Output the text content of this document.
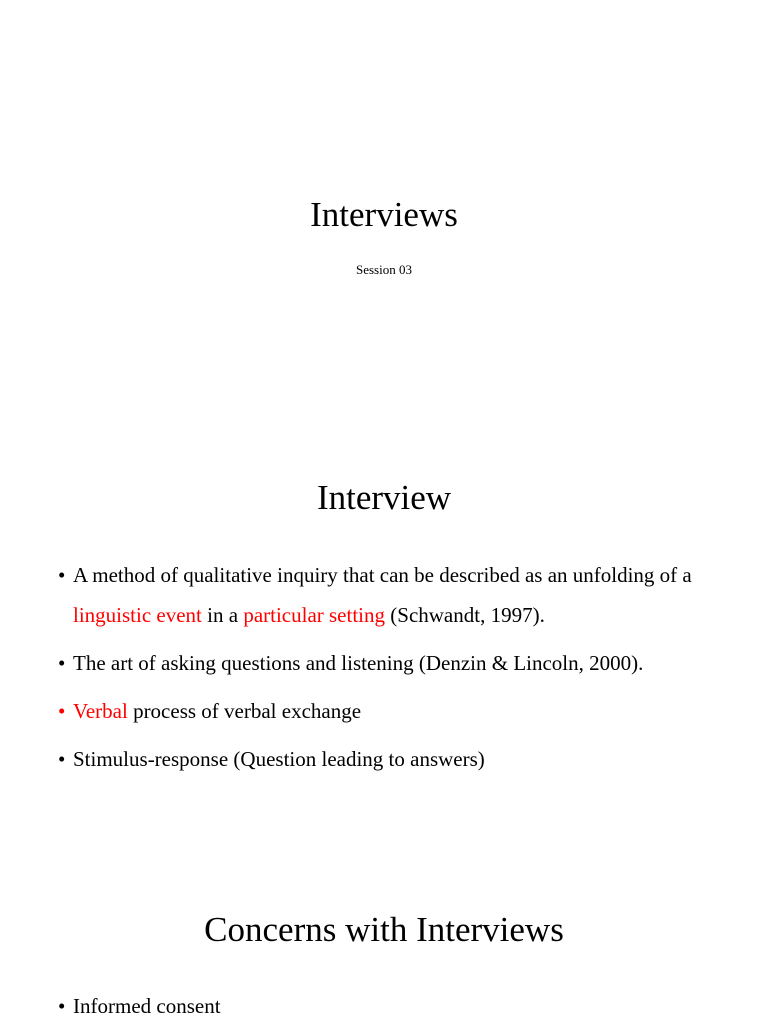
Interviews
Session 03
Interview
• A method of qualitative inquiry that can be described as an unfolding of a linguistic event in a particular setting (Schwandt, 1997).
• The art of asking questions and listening (Denzin & Lincoln, 2000).
• Verbal process of verbal exchange
• Stimulus-response (Question leading to answers)
Concerns with Interviews
• Informed consent
